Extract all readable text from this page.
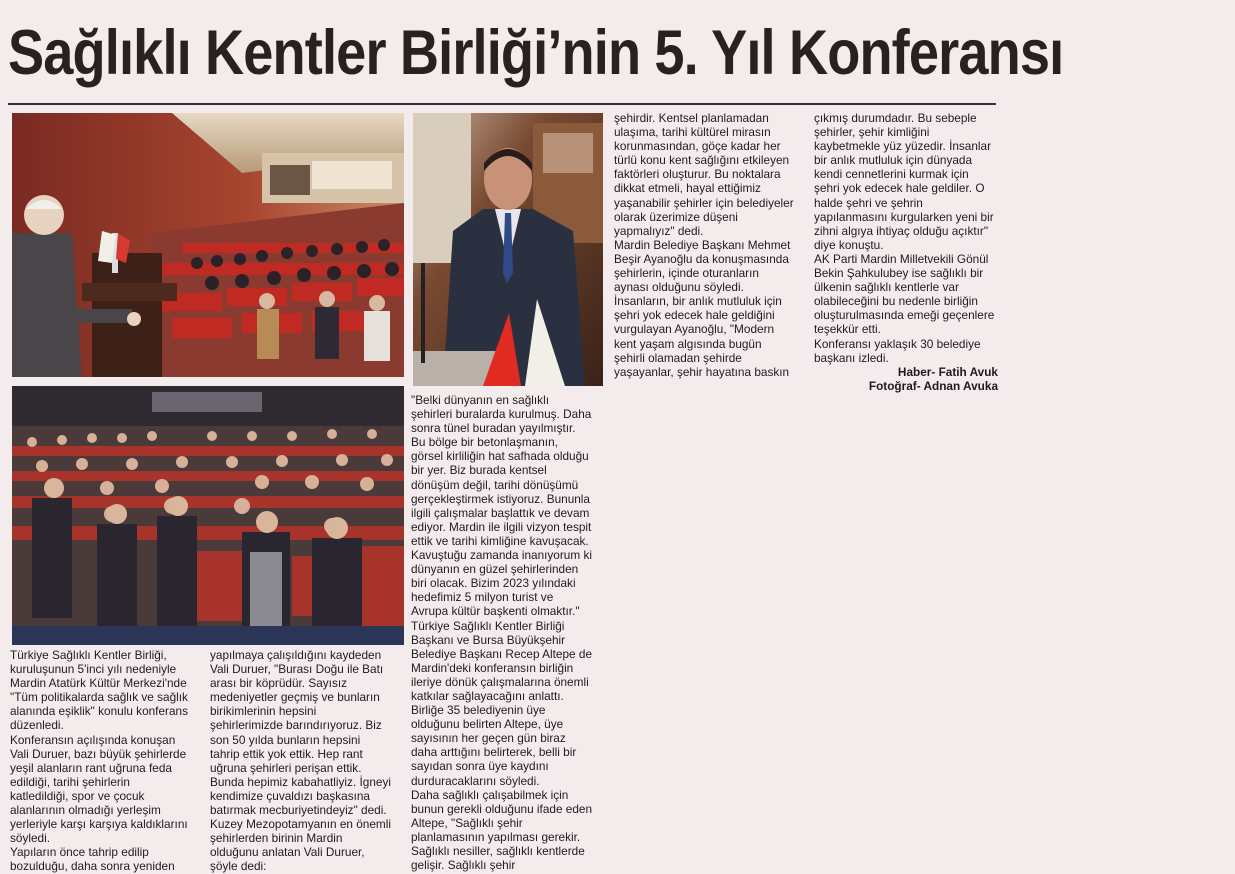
Sağlıklı Kentler Birliği’nin 5. Yıl Konferansı

Türkiye Sağlıklı Kentler Birliği,

kuruluşunun 5'inci yılı nedeniyle

Mardin Atatürk Kültür Merkezi'nde

"Tüm politikalarda sağlık ve sağlık

alanında eşiklik" konulu konferans

düzenledi.

Konferansın açılışında konuşan

Vali Duruer, bazı büyük şehirlerde

yeşil alanların rant uğruna feda

edildiği, tarihi şehirlerin

katledildiği, spor ve çocuk

alanlarının olmadığı yerleşim

yerleriyle karşı karşıya kaldıklarını

söyledi.

Yapıların önce tahrip edilip

bozulduğu, daha sonra yeniden

yapılmaya çalışıldığını kaydeden

Vali Duruer, "Burası Doğu ile Batı

arası bir köprüdür. Sayısız

medeniyetler geçmiş ve bunların

birikimlerinin hepsini

şehirlerimizde barındırıyoruz. Biz

son 50 yılda bunların hepsini

tahrip ettik yok ettik. Hep rant

uğruna şehirleri perişan ettik.

Bunda hepimiz kabahatliyiz. İgneyi

kendimize çuvaldızı başkasına

batırmak mecburiyetindeyiz" dedi.

Kuzey Mezopotamyanın en önemli

şehirlerden birinin Mardin

olduğunu anlatan Vali Duruer,

şöyle dedi:

"Belki dünyanın en sağlıklı

şehirleri buralarda kurulmuş. Daha

sonra tünel buradan yayılmıştır.

Bu bölge bir betonlaşmanın,

görsel kirliliğin hat safhada olduğu

bir yer. Biz burada kentsel

dönüşüm değil, tarihi dönüşümü

gerçekleştirmek istiyoruz. Bununla

ilgili çalışmalar başlattık ve devam

ediyor. Mardin ile ilgili vizyon tespit

ettik ve tarihi kimliğine kavuşacak.

Kavuştuğu zamanda inanıyorum ki

dünyanın en güzel şehirlerinden

biri olacak. Bizim 2023 yılındaki

hedefimiz 5 milyon turist ve

Avrupa kültür başkenti olmaktır."

Türkiye Sağlıklı Kentler Birliği

Başkanı ve Bursa Büyükşehir

Belediye Başkanı Recep Altepe de

Mardin'deki konferansın birliğin

ileriye dönük çalışmalarına önemli

katkılar sağlayacağını anlattı.

Birliğe 35 belediyenin üye

olduğunu belirten Altepe, üye

sayısının her geçen gün biraz

daha arttığını belirterek, belli bir

sayıdan sonra üye kaydını

durduracaklarını söyledi.

Daha sağlıklı çalışabilmek için

bunun gerekli olduğunu ifade eden

Altepe, "Sağlıklı şehir

planlamasının yapılması gerekir.

Sağlıklı nesiller, sağlıklı kentlerde

gelişir. Sağlıklı şehir

şehirdir. Kentsel planlamadan

ulaşıma, tarihi kültürel mirasın

korunmasından, göçe kadar her

türlü konu kent sağlığını etkileyen

faktörleri oluşturur. Bu noktalara

dikkat etmeli, hayal ettiğimiz

yaşanabilir şehirler için belediyeler

olarak üzerimize düşeni

yapmalıyız" dedi.

Mardin Belediye Başkanı Mehmet

Beşir Ayanoğlu da konuşmasında

şehirlerin, içinde oturanların

aynası olduğunu söyledi.

İnsanların, bir anlık mutluluk için

şehri yok edecek hale geldiğini

vurgulayan Ayanoğlu, "Modern

kent yaşam algısında bugün

şehirli olamadan şehirde

yaşayanlar, şehir hayatına baskın

çıkmış durumdadır. Bu sebeple

şehirler, şehir kimliğini

kaybetmekle yüz yüzedir. İnsanlar

bir anlık mutluluk için dünyada

kendi cennetlerini kurmak için

şehri yok edecek hale geldiler. O

halde şehri ve şehrin

yapılanmasını kurgularken yeni bir

zihni algıya ihtiyaç olduğu açıktır"

diye konuştu.

AK Parti Mardin Milletvekili Gönül

Bekin Şahkulubey ise sağlıklı bir

ülkenin sağlıklı kentlerle var

olabileceğini bu nedenle birliğin

oluşturulmasında emeği geçenlere

teşekkür etti.

Konferansı yaklaşık 30 belediye

başkanı izledi.

Haber- Fatih Avuk
Fotoğraf- Adnan Avuka
